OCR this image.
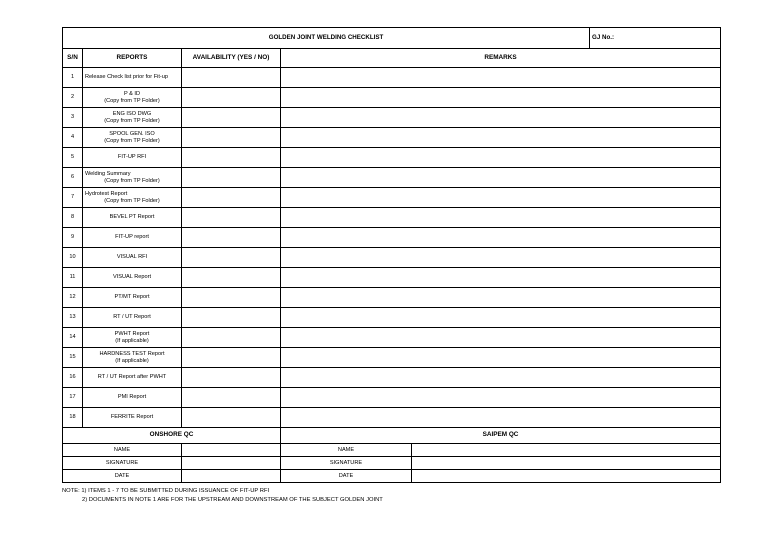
GOLDEN JOINT WELDING CHECKLIST					GJ No.:
S/N	REPORTS	AVAILABILITY (YES / NO)	REMARKS		
1	Release Check list prior for Fit-up				

2	P & ID
(Copy from TP Folder)				

3	ENG ISO DWG
(Copy from TP Folder)				

4	SPOOL GEN. ISO
(Copy from TP Folder)				

5	FIT-UP RFI				

6	Welding Summary
(Copy from TP Folder)				

7	Hydrotest Report
(Copy from TP Folder)				

8	BEVEL PT Report				

9	FIT-UP report				

10	VISUAL RFI				

11	VISUAL Report				

12	PT/MT Report				

13	RT / UT Report				

14	PWHT Report
(If applicable)				

15	HARDNESS TEST Report
(If applicable)				

16	RT / UT Report after PWHT				

17	PMI Report				

18	FERRITE Report				

ONSHORE QC			SAIPEM QC		
NAME			NAME		
SIGNATURE			SIGNATURE		
DATE			DATE		
NOTE: 1) ITEMS 1 - 7 TO BE SUBMITTED DURING ISSUANCE OF FIT-UP RFI
2) DOCUMENTS IN NOTE 1 ARE FOR THE UPSTREAM AND DOWNSTREAM OF THE SUBJECT GOLDEN JOINT
